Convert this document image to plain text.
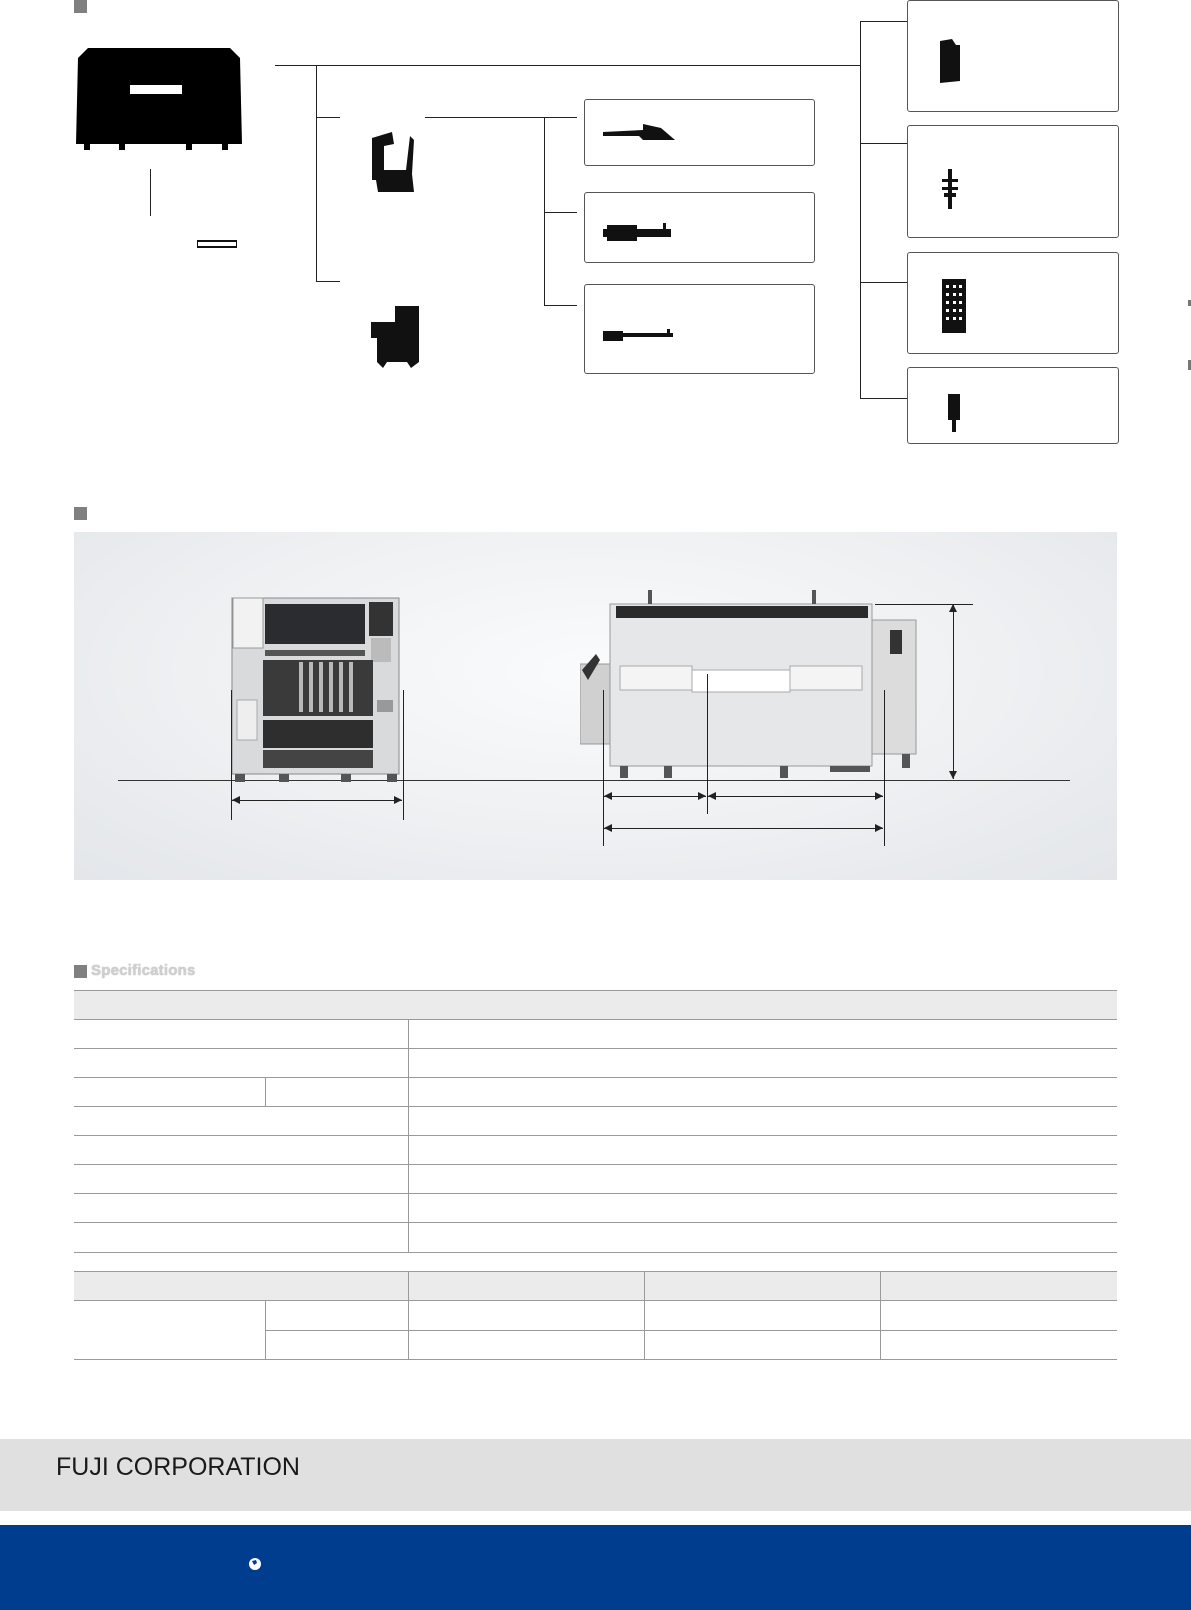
Specifications
FUJI CORPORATION
